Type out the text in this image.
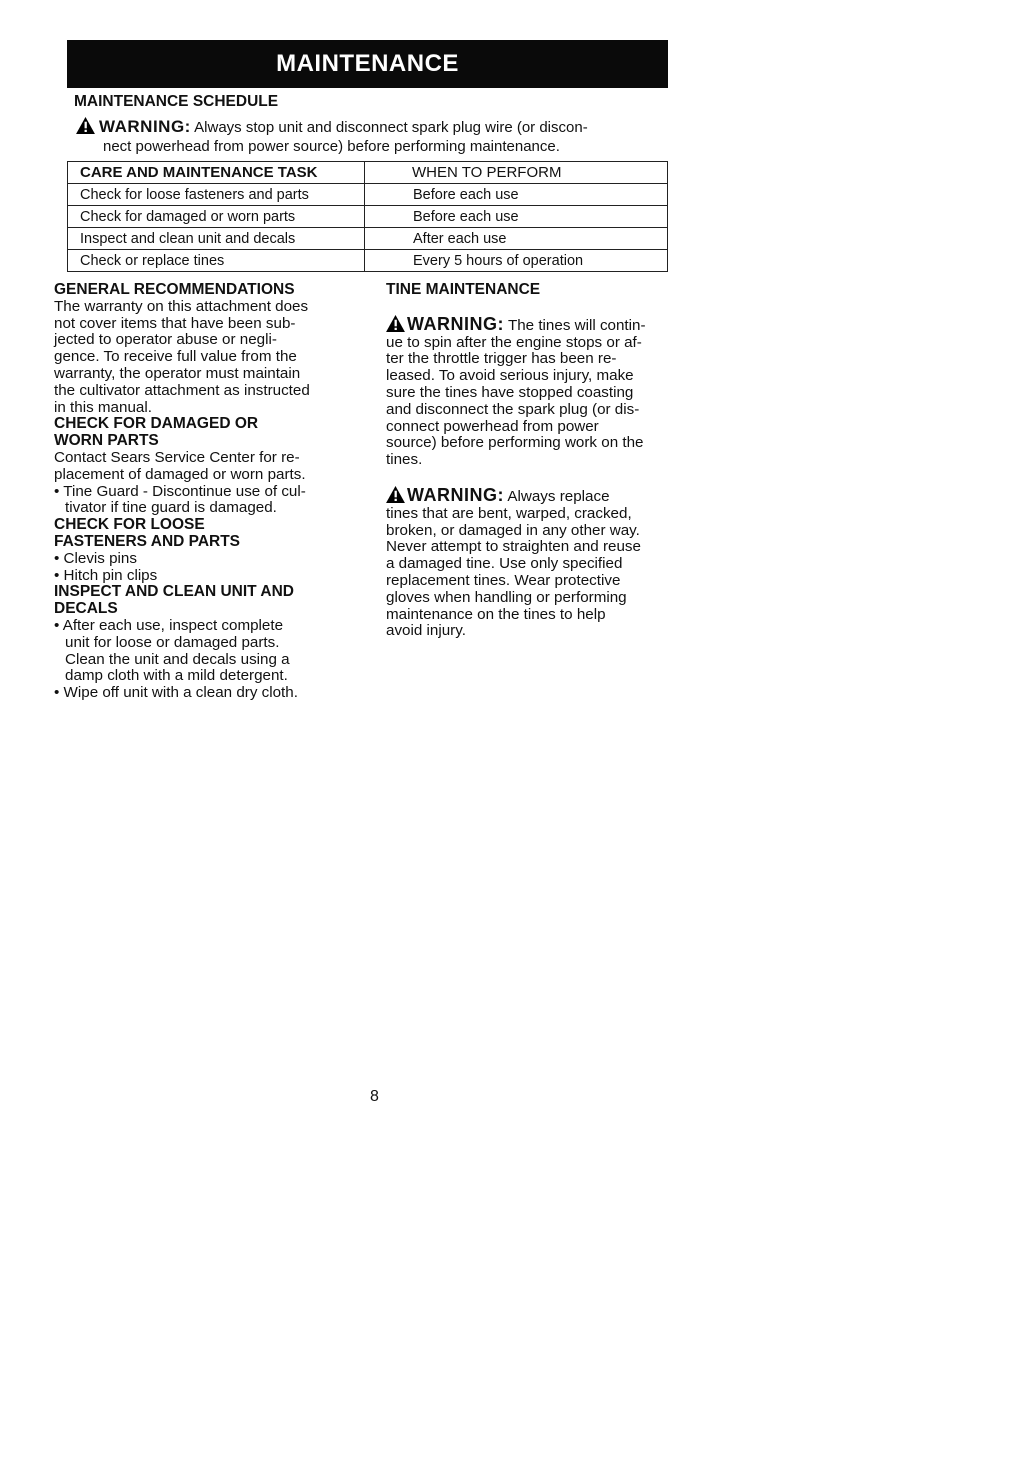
MAINTENANCE
MAINTENANCE SCHEDULE
WARNING: Always stop unit and disconnect spark plug wire (or discon-
nect powerhead from power source) before performing maintenance.
CARE AND MAINTENANCE TASK	WHEN TO PERFORM
Check for loose fasteners and parts	Before each use
Check for damaged or worn parts	Before each use
Inspect and clean unit and decals	After each use
Check or replace tines	Every 5 hours of operation
GENERAL RECOMMENDATIONS
The warranty on this attachment does
not cover items that have been sub-
jected to operator abuse or negli-
gence. To receive full value from the
warranty, the operator must maintain
the cultivator attachment as instructed
in this manual.
CHECK FOR DAMAGED OR
WORN PARTS
Contact Sears Service Center for re-
placement of damaged or worn parts.
• Tine Guard - Discontinue use of cul-
tivator if tine guard is damaged.
CHECK FOR LOOSE
FASTENERS AND PARTS
• Clevis pins
• Hitch pin clips
INSPECT AND CLEAN UNIT AND
DECALS
• After each use, inspect complete
unit for loose or damaged parts.
Clean the unit and decals using a
damp cloth with a mild detergent.
• Wipe off unit with a clean dry cloth.
TINE MAINTENANCE
WARNING: The tines will contin-
ue to spin after the engine stops or af-
ter the throttle trigger has been re-
leased. To avoid serious injury, make
sure the tines have stopped coasting
and disconnect the spark plug (or dis-
connect powerhead from power
source) before performing work on the
tines.
WARNING: Always replace
tines that are bent, warped, cracked,
broken, or damaged in any other way.
Never attempt to straighten and reuse
a damaged tine. Use only specified
replacement tines. Wear protective
gloves when handling or performing
maintenance on the tines to help
avoid injury.
8
